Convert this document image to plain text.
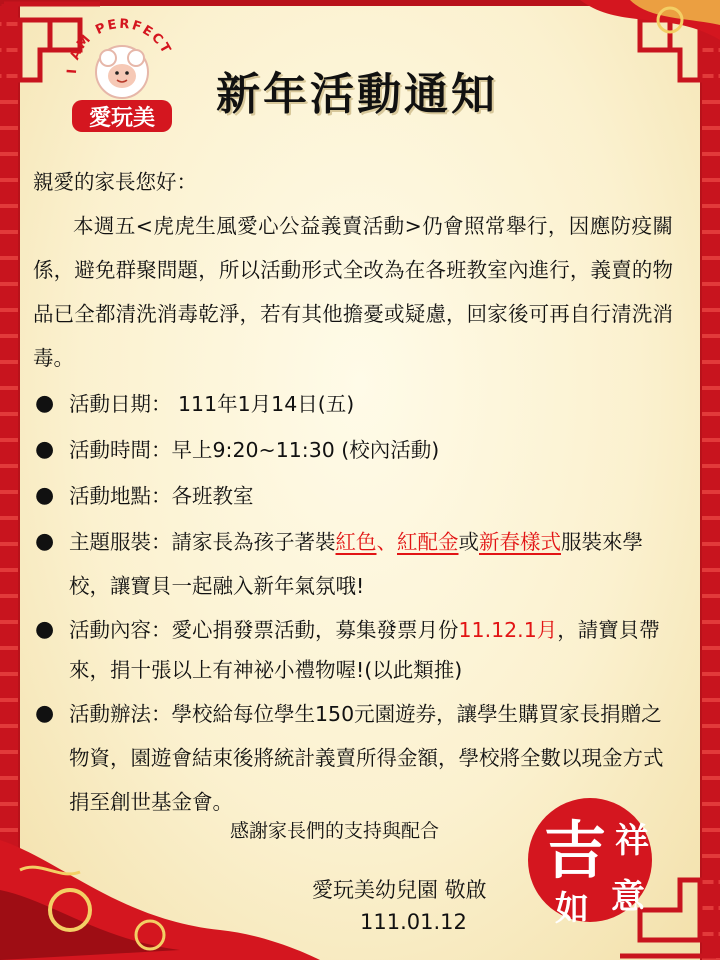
I AM PERFECT
愛玩美 新年活動通知

親愛的家長您好：

本週五<虎虎生風愛心公益義賣活動>仍會照常舉行，因應防疫關係，避免群聚問題，所以活動形式全改為在各班教室內進行，義賣的物品已全都清洗消毒乾淨，若有其他擔憂或疑慮，回家後可再自行清洗消毒。

● 活動日期： 111年1月14日(五)
● 活動時間：早上9:20~11:30 (校內活動)
● 活動地點：各班教室
● 主題服裝：請家長為孩子著裝紅色、紅配金或新春樣式服裝來學校，讓寶貝一起融入新年氣氛哦!
● 活動內容：愛心捐發票活動，募集發票月份11.12.1月，請寶貝帶來，捐十張以上有神祕小禮物喔!(以此類推)
● 活動辦法：學校給每位學生150元園遊券，讓學生購買家長捐贈之物資，園遊會結束後將統計義賣所得金額，學校將全數以現金方式捐至創世基金會。
感謝家長們的支持與配合
愛玩美幼兒園 敬啟
111.01.12
吉 祥
如 意
